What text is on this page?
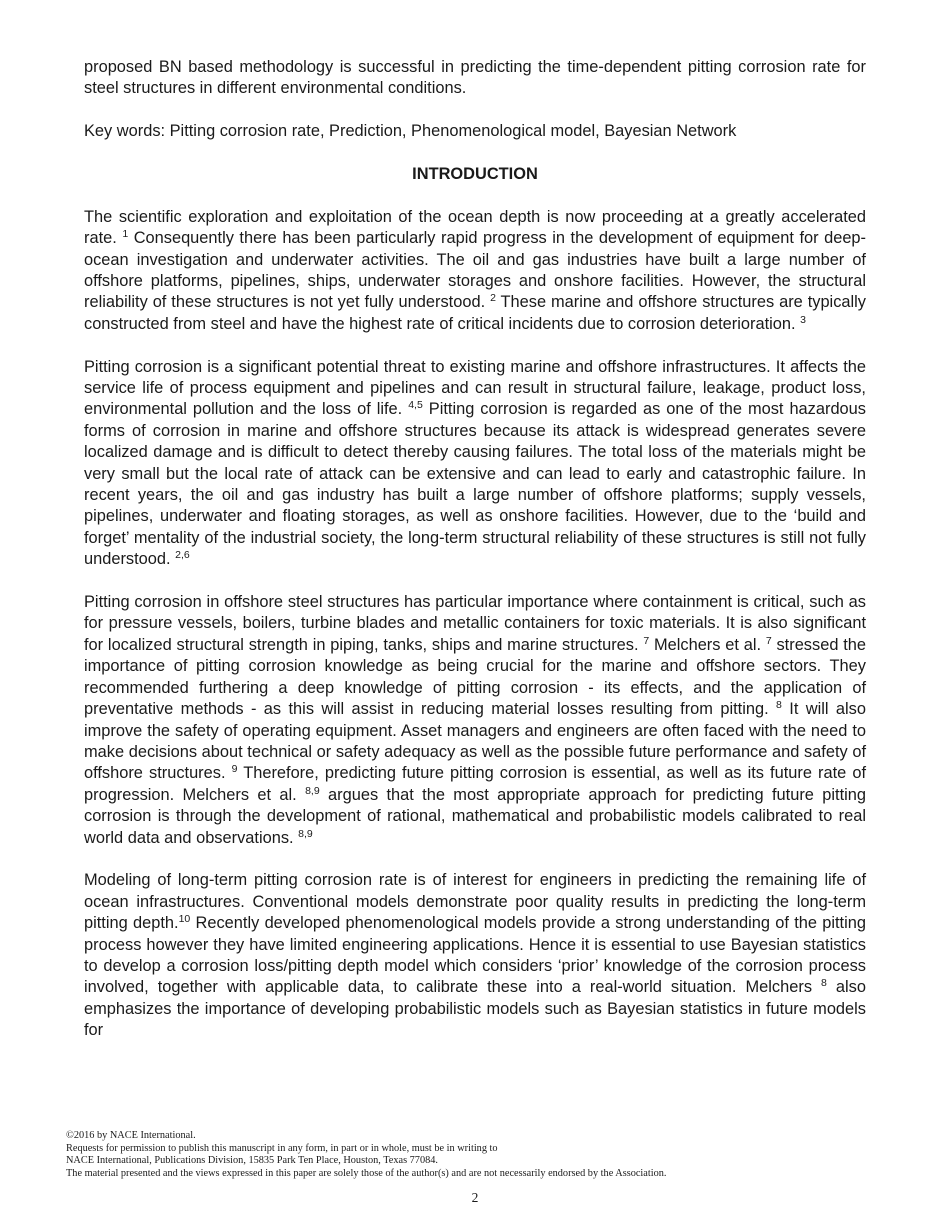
proposed BN based methodology is successful in predicting the time-dependent pitting corrosion rate for steel structures in different environmental conditions.

Key words: Pitting corrosion rate, Prediction, Phenomenological model, Bayesian Network

INTRODUCTION

The scientific exploration and exploitation of the ocean depth is now proceeding at a greatly accelerated rate. $^1$ Consequently there has been particularly rapid progress in the development of equipment for deep-ocean investigation and underwater activities. The oil and gas industries have built a large number of offshore platforms, pipelines, ships, underwater storages and onshore facilities. However, the structural reliability of these structures is not yet fully understood. $^2$ These marine and offshore structures are typically constructed from steel and have the highest rate of critical incidents due to corrosion deterioration. $^3$

Pitting corrosion is a significant potential threat to existing marine and offshore infrastructures. It affects the service life of process equipment and pipelines and can result in structural failure, leakage, product loss, environmental pollution and the loss of life. $^{4,5}$ Pitting corrosion is regarded as one of the most hazardous forms of corrosion in marine and offshore structures because its attack is widespread generates severe localized damage and is difficult to detect thereby causing failures. The total loss of the materials might be very small but the local rate of attack can be extensive and can lead to early and catastrophic failure. In recent years, the oil and gas industry has built a large number of offshore platforms; supply vessels, pipelines, underwater and floating storages, as well as onshore facilities. However, due to the ‘build and forget’ mentality of the industrial society, the long-term structural reliability of these structures is still not fully understood. $^{2,6}$

Pitting corrosion in offshore steel structures has particular importance where containment is critical, such as for pressure vessels, boilers, turbine blades and metallic containers for toxic materials. It is also significant for localized structural strength in piping, tanks, ships and marine structures. $^7$ Melchers et al. $^7$ stressed the importance of pitting corrosion knowledge as being crucial for the marine and offshore sectors. They recommended furthering a deep knowledge of pitting corrosion - its effects, and the application of preventative methods - as this will assist in reducing material losses resulting from pitting. $^8$ It will also improve the safety of operating equipment. Asset managers and engineers are often faced with the need to make decisions about technical or safety adequacy as well as the possible future performance and safety of offshore structures. $^9$ Therefore, predicting future pitting corrosion is essential, as well as its future rate of progression. Melchers et al. $^{8,9}$ argues that the most appropriate approach for predicting future pitting corrosion is through the development of rational, mathematical and probabilistic models calibrated to real world data and observations. $^{8,9}$

Modeling of long-term pitting corrosion rate is of interest for engineers in predicting the remaining life of ocean infrastructures. Conventional models demonstrate poor quality results in predicting the long-term pitting depth.$^{10}$ Recently developed phenomenological models provide a strong understanding of the pitting process however they have limited engineering applications. Hence it is essential to use Bayesian statistics to develop a corrosion loss/pitting depth model which considers ‘prior’ knowledge of the corrosion process involved, together with applicable data, to calibrate these into a real-world situation. Melchers $^8$ also emphasizes the importance of developing probabilistic models such as Bayesian statistics in future models for

©2016 by NACE International.
Requests for permission to publish this manuscript in any form, in part or in whole, must be in writing to
NACE International, Publications Division, 15835 Park Ten Place, Houston, Texas 77084.
The material presented and the views expressed in this paper are solely those of the author(s) and are not necessarily endorsed by the Association.
2
